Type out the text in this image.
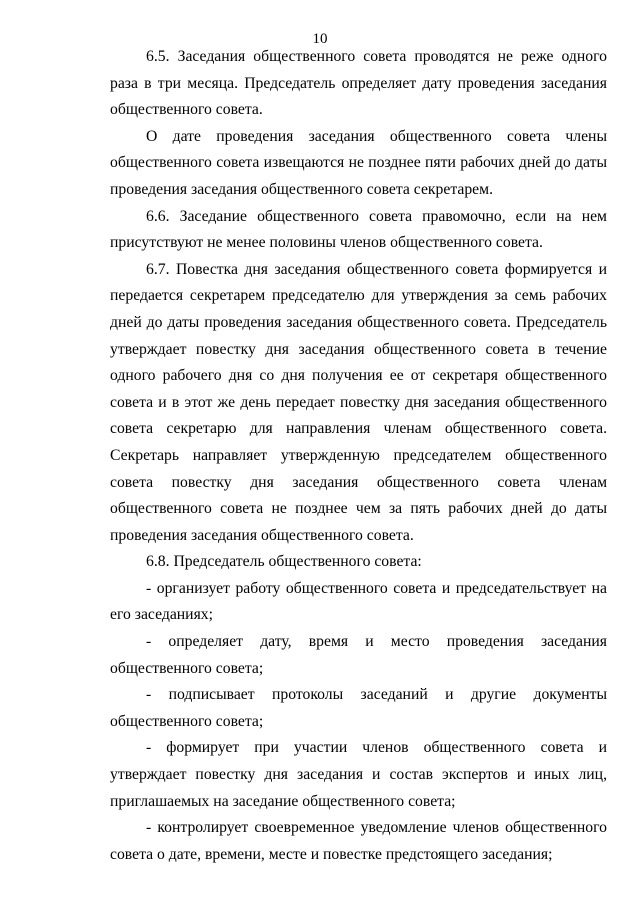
10

6.5. Заседания общественного совета проводятся не реже одного раза в три месяца. Председатель определяет дату проведения заседания общественного совета.

О дате проведения заседания общественного совета члены общественного совета извещаются не позднее пяти рабочих дней до даты проведения заседания общественного совета секретарем.

6.6. Заседание общественного совета правомочно, если на нем присутствуют не менее половины членов общественного совета.

6.7. Повестка дня заседания общественного совета формируется и передается секретарем председателю для утверждения за семь рабочих дней до даты проведения заседания общественного совета. Председатель утверждает повестку дня заседания общественного совета в течение одного рабочего дня со дня получения ее от секретаря общественного совета и в этот же день передает повестку дня заседания общественного совета секретарю для направления членам общественного совета. Секретарь направляет утвержденную председателем общественного совета повестку дня заседания общественного совета членам общественного совета не позднее чем за пять рабочих дней до даты проведения заседания общественного совета.

6.8. Председатель общественного совета:

- организует работу общественного совета и председательствует на его заседаниях;

- определяет дату, время и место проведения заседания общественного совета;

- подписывает протоколы заседаний и другие документы общественного совета;

- формирует при участии членов общественного совета и утверждает повестку дня заседания и состав экспертов и иных лиц, приглашаемых на заседание общественного совета;

- контролирует своевременное уведомление членов общественного совета о дате, времени, месте и повестке предстоящего заседания;
